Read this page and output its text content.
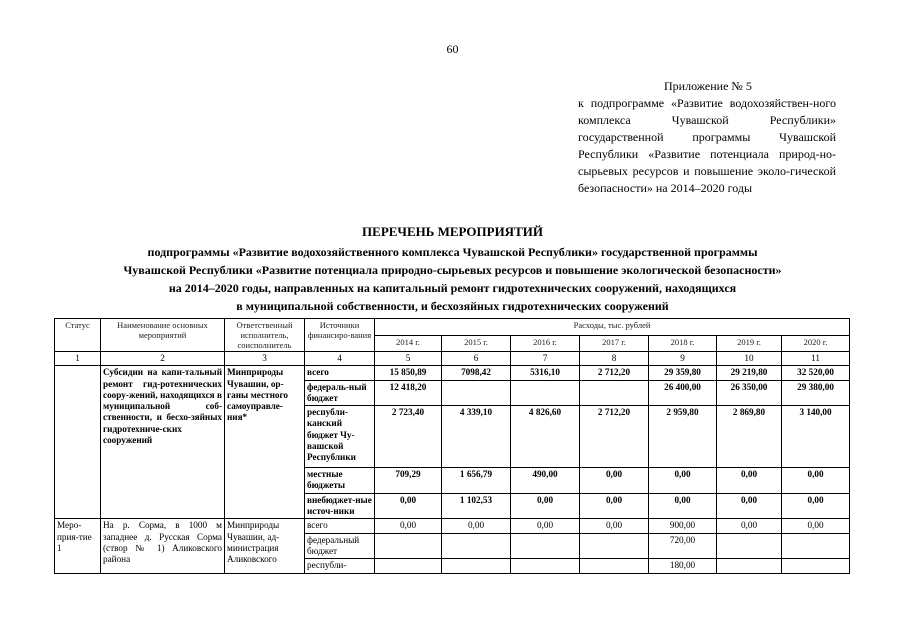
60
Приложение № 5
к подпрограмме «Развитие водохозяйствен-ного комплекса Чувашской Республики» государственной программы Чувашской Республики «Развитие потенциала природ-но-сырьевых ресурсов и повышение эколо-гической безопасности» на 2014–2020 годы
ПЕРЕЧЕНЬ МЕРОПРИЯТИЙ
подпрограммы «Развитие водохозяйственного комплекса Чувашской Республики» государственной программы
Чувашской Республики «Развитие потенциала природно-сырьевых ресурсов и повышение экологической безопасности»
на 2014–2020 годы, направленных на капитальный ремонт гидротехнических сооружений, находящихся
в муниципальной собственности, и бесхозяйных гидротехнических сооружений
Статус	Наименование основных мероприятий	Ответственный исполнитель, соисполнитель	Источники финансиро-вания	Расходы, тыс. рублей						
				2014 г.	2015 г.	2016 г.	2017 г.	2018 г.	2019 г.	2020 г.
1	2	3	4	5	6	7	8	9	10	11
	Субсидии на капи-тальный ремонт гид-ротехнических соору-жений, находящихся в муниципальной соб-ственности, и бесхо-зяйных гидротехниче-ских сооружений	Минприроды Чувашии, ор-ганы местного самоуправле-ния*	всего	15 850,89	7098,42	5316,10	2 712,20	29 359,80	29 219,80	32 520,00
			федераль-ный бюджет	12 418,20				26 400,00	26 350,00	29 380,00
			республи-канский бюджет Чу-вашской Республики	2 723,40	4 339,10	4 826,60	2 712,20	2 959,80	2 869,80	3 140,00
			местные бюджеты	709,29	1 656,79	490,00	0,00	0,00	0,00	0,00
			внебюджет-ные источ-ники	0,00	1 102,53	0,00	0,00	0,00	0,00	0,00
Меро-прия-тие 1	На р. Сорма, в 1000 м западнее д. Русская Сорма (створ № 1) Аликовского района	Минприроды Чувашии, ад-министрация Аликовского	всего	0,00	0,00	0,00	0,00	900,00	0,00	0,00
			федеральный бюджет					720,00		
			республи-					180,00		
